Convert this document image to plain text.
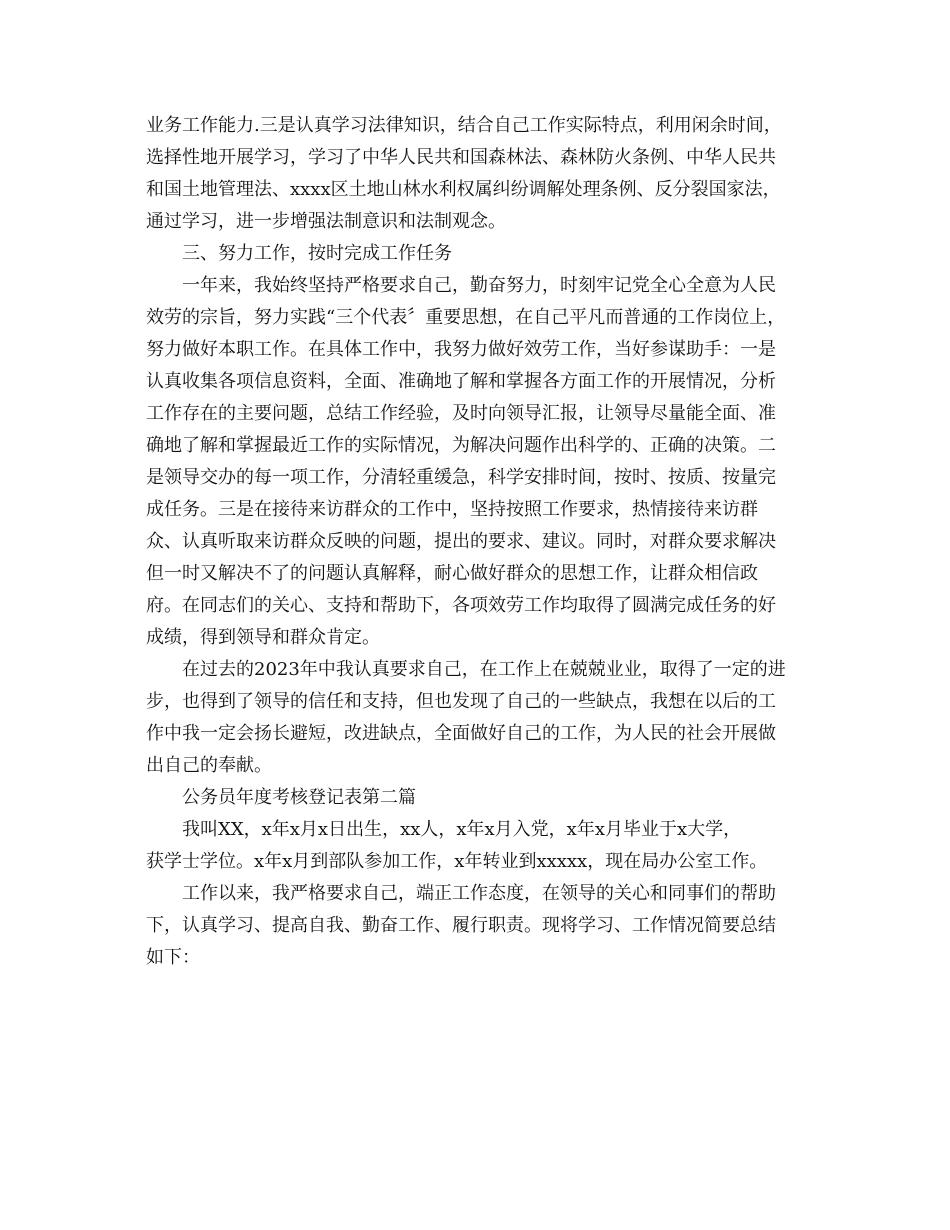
业务工作能力.三是认真学习法律知识，结合自己工作实际特点，利用闲余时间，
选择性地开展学习，学习了中华人民共和国森林法、森林防火条例、中华人民共
和国土地管理法、xxxx区土地山林水利权属纠纷调解处理条例、反分裂国家法，
通过学习，进一步增强法制意识和法制观念。
三、努力工作，按时完成工作任务
一年来，我始终坚持严格要求自己，勤奋努力，时刻牢记党全心全意为人民
效劳的宗旨，努力实践“三个代表〞重要思想，在自己平凡而普通的工作岗位上，
努力做好本职工作。在具体工作中，我努力做好效劳工作，当好参谋助手：一是
认真收集各项信息资料，全面、准确地了解和掌握各方面工作的开展情况，分析
工作存在的主要问题，总结工作经验，及时向领导汇报，让领导尽量能全面、准
确地了解和掌握最近工作的实际情况，为解决问题作出科学的、正确的决策。二
是领导交办的每一项工作，分清轻重缓急，科学安排时间，按时、按质、按量完
成任务。三是在接待来访群众的工作中，坚持按照工作要求，热情接待来访群
众、认真听取来访群众反映的问题，提出的要求、建议。同时，对群众要求解决
但一时又解决不了的问题认真解释，耐心做好群众的思想工作，让群众相信政
府。在同志们的关心、支持和帮助下，各项效劳工作均取得了圆满完成任务的好
成绩，得到领导和群众肯定。
在过去的2023年中我认真要求自己，在工作上在兢兢业业，取得了一定的进
步，也得到了领导的信任和支持，但也发现了自己的一些缺点，我想在以后的工
作中我一定会扬长避短，改进缺点，全面做好自己的工作，为人民的社会开展做
出自己的奉献。
公务员年度考核登记表第二篇
我叫XX，x年x月x日出生，xx人，x年x月入党，x年x月毕业于x大学，
获学士学位。x年x月到部队参加工作，x年转业到xxxxx，现在局办公室工作。
工作以来，我严格要求自己，端正工作态度，在领导的关心和同事们的帮助
下，认真学习、提高自我、勤奋工作、履行职责。现将学习、工作情况简要总结
如下：
